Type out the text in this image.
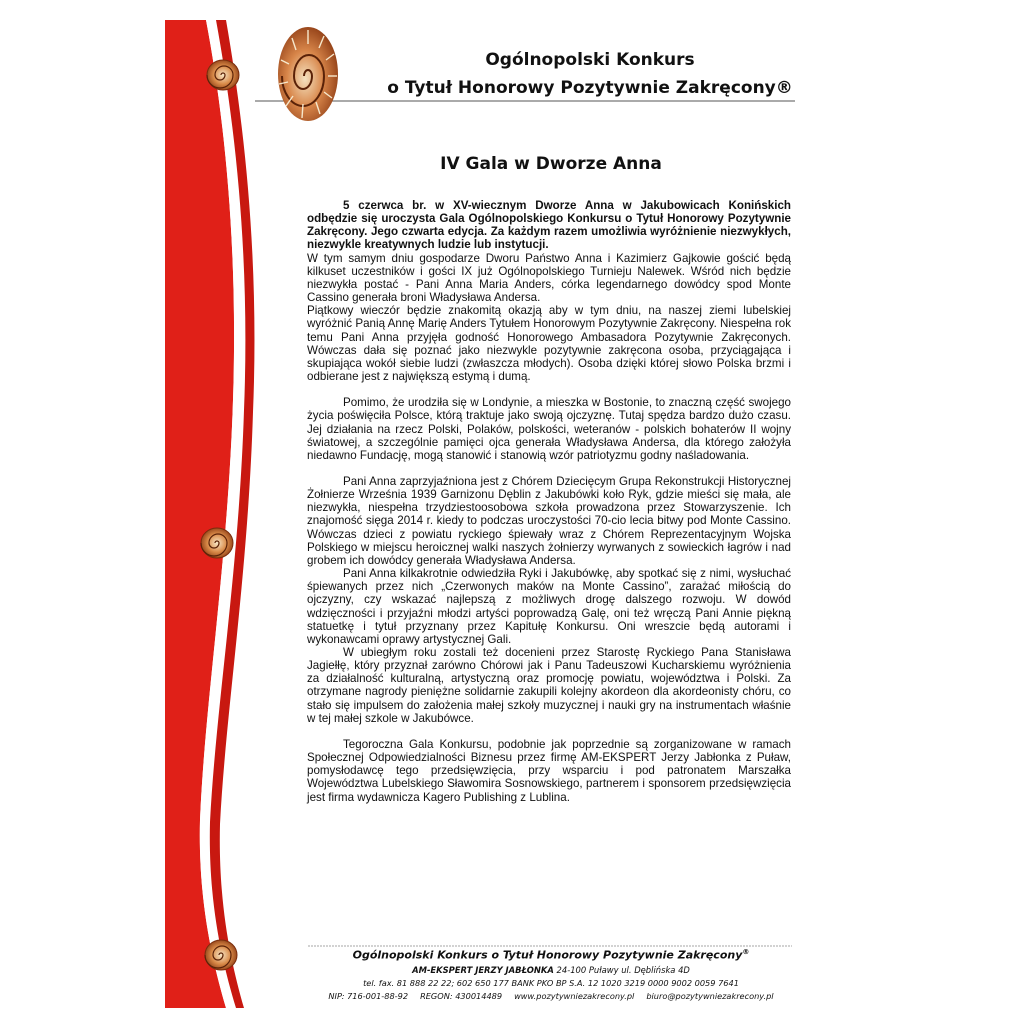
Ogólnopolski Konkurs
o Tytuł Honorowy Pozytywnie Zakręcony®
IV Gala w Dworze Anna

5 czerwca br. w XV-wiecznym Dworze Anna w Jakubowicach Konińskich odbędzie się uroczysta Gala Ogólnopolskiego Konkursu o Tytuł Honorowy Pozytywnie Zakręcony. Jego czwarta edycja. Za każdym razem umożliwia wyróżnienie niezwykłych, niezwykle kreatywnych ludzie lub instytucji.

W tym samym dniu gospodarze Dworu Państwo Anna i Kazimierz Gajkowie gościć będą kilkuset uczestników i gości IX już Ogólnopolskiego Turnieju Nalewek. Wśród nich będzie niezwykła postać - Pani Anna Maria Anders, córka legendarnego dowódcy spod Monte Cassino generała broni Władysława Andersa.

Piątkowy wieczór będzie znakomitą okazją aby w tym dniu, na naszej ziemi lubelskiej wyróżnić Panią Annę Marię Anders Tytułem Honorowym Pozytywnie Zakręcony. Niespełna rok temu Pani Anna przyjęła godność Honorowego Ambasadora Pozytywnie Zakręconych. Wówczas dała się poznać jako niezwykle pozytywnie zakręcona osoba, przyciągająca i skupiająca wokół siebie ludzi (zwłaszcza młodych). Osoba dzięki której słowo Polska brzmi i odbierane jest z największą estymą i dumą.

Pomimo, że urodziła się w Londynie, a mieszka w Bostonie, to znaczną część swojego życia poświęciła Polsce, którą traktuje jako swoją ojczyznę. Tutaj spędza bardzo dużo czasu. Jej działania na rzecz Polski, Polaków, polskości, weteranów - polskich bohaterów II wojny światowej, a szczególnie pamięci ojca generała Władysława Andersa, dla którego założyła niedawno Fundację, mogą stanowić i stanowią wzór patriotyzmu godny naśladowania.

Pani Anna zaprzyjaźniona jest z Chórem Dziecięcym Grupa Rekonstrukcji Historycznej Żołnierze Września 1939 Garnizonu Dęblin z Jakubówki koło Ryk, gdzie mieści się mała, ale niezwykła, niespełna trzydziestoosobowa szkoła prowadzona przez Stowarzyszenie. Ich znajomość sięga 2014 r. kiedy to podczas uroczystości 70-cio lecia bitwy pod Monte Cassino. Wówczas dzieci z powiatu ryckiego śpiewały wraz z Chórem Reprezentacyjnym Wojska Polskiego w miejscu heroicznej walki naszych żołnierzy wyrwanych z sowieckich łagrów i nad grobem ich dowódcy generała Władysława Andersa.

Pani Anna kilkakrotnie odwiedziła Ryki i Jakubówkę, aby spotkać się z nimi, wysłuchać śpiewanych przez nich „Czerwonych maków na Monte Cassino”, zarażać miłością do ojczyzny, czy wskazać najlepszą z możliwych drogę dalszego rozwoju. W dowód wdzięczności i przyjaźni młodzi artyści poprowadzą Galę, oni też wręczą Pani Annie piękną statuetkę i tytuł przyznany przez Kapitułę Konkursu. Oni wreszcie będą autorami i wykonawcami oprawy artystycznej Gali.

W ubiegłym roku zostali też docenieni przez Starostę Ryckiego Pana Stanisława Jagiełłę, który przyznał zarówno Chórowi jak i Panu Tadeuszowi Kucharskiemu wyróżnienia za działalność kulturalną, artystyczną oraz promocję powiatu, województwa i Polski. Za otrzymane nagrody pieniężne solidarnie zakupili kolejny akordeon dla akordeonisty chóru, co stało się impulsem do założenia małej szkoły muzycznej i nauki gry na instrumentach właśnie w tej małej szkole w Jakubówce.

Tegoroczna Gala Konkursu, podobnie jak poprzednie są zorganizowane w ramach Społecznej Odpowiedzialności Biznesu przez firmę AM-EKSPERT Jerzy Jabłonka z Puław, pomysłodawcę tego przedsięwzięcia, przy wsparciu i pod patronatem Marszałka Województwa Lubelskiego Sławomira Sosnowskiego, partnerem i sponsorem przedsięwzięcia jest firma wydawnicza Kagero Publishing z Lublina.

Ogólnopolski Konkurs o Tytuł Honorowy Pozytywnie Zakręcony®
AM-EKSPERT JERZY JABŁONKA 24-100 Puławy ul. Dęblińska 4D
tel. fax. 81 888 22 22; 602 650 177 BANK PKO BP S.A. 12 1020 3219 0000 9002 0059 7641
NIP: 716-001-88-92 REGON: 430014489 www.pozytywniezakrecony.pl biuro@pozytywniezakrecony.pl
